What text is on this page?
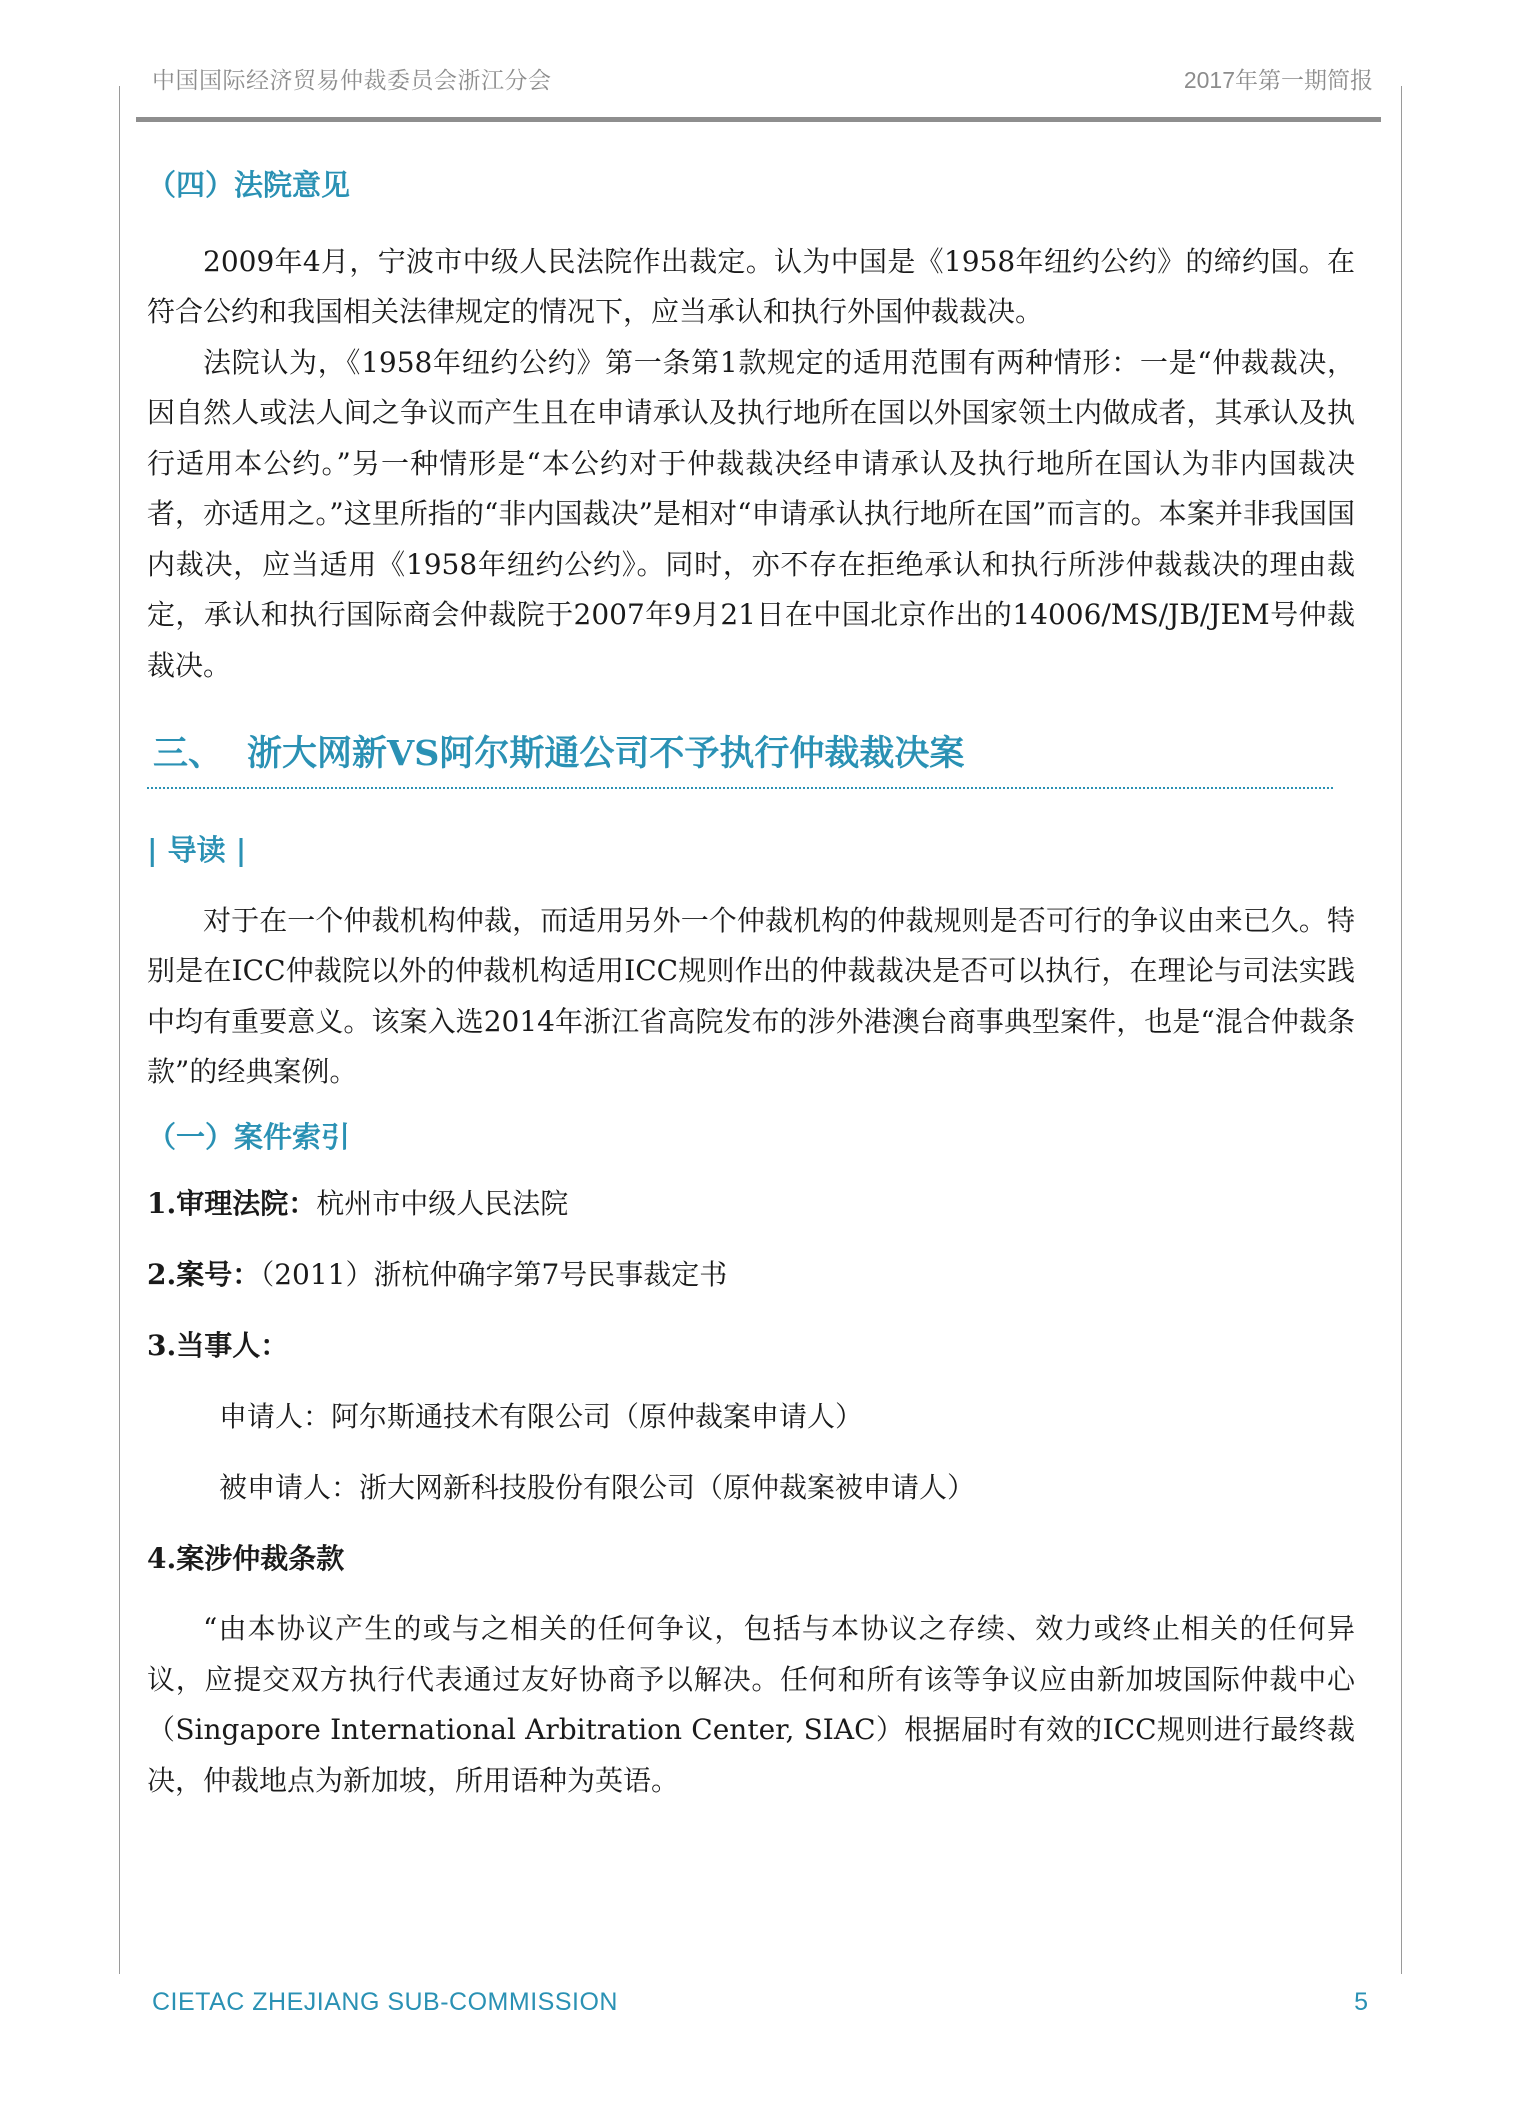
中国国际经济贸易仲裁委员会浙江分会	2017年第一期简报

（四）法院意见

2009年4月，宁波市中级人民法院作出裁定。认为中国是《1958年纽约公约》的缔约国。在符合公约和我国相关法律规定的情况下，应当承认和执行外国仲裁裁决。

法院认为，《1958年纽约公约》第一条第1款规定的适用范围有两种情形：一是“仲裁裁决，因自然人或法人间之争议而产生且在申请承认及执行地所在国以外国家领土内做成者，其承认及执行适用本公约。”另一种情形是“本公约对于仲裁裁决经申请承认及执行地所在国认为非内国裁决者，亦适用之。”这里所指的“非内国裁决”是相对“申请承认执行地所在国”而言的。本案并非我国国内裁决，应当适用《1958年纽约公约》。同时，亦不存在拒绝承认和执行所涉仲裁裁决的理由裁定，承认和执行国际商会仲裁院于2007年9月21日在中国北京作出的14006/MS/JB/JEM号仲裁裁决。

三、 浙大网新VS阿尔斯通公司不予执行仲裁裁决案

| 导读 |

对于在一个仲裁机构仲裁，而适用另外一个仲裁机构的仲裁规则是否可行的争议由来已久。特别是在ICC仲裁院以外的仲裁机构适用ICC规则作出的仲裁裁决是否可以执行，在理论与司法实践中均有重要意义。该案入选2014年浙江省高院发布的涉外港澳台商事典型案件，也是“混合仲裁条款”的经典案例。

（一）案件索引

1.审理法院：杭州市中级人民法院

2.案号：（2011）浙杭仲确字第7号民事裁定书

3.当事人：

申请人：阿尔斯通技术有限公司（原仲裁案申请人）

被申请人：浙大网新科技股份有限公司（原仲裁案被申请人）

4.案涉仲裁条款

“由本协议产生的或与之相关的任何争议，包括与本协议之存续、效力或终止相关的任何异议，应提交双方执行代表通过友好协商予以解决。任何和所有该等争议应由新加坡国际仲裁中心（Singapore International Arbitration Center, SIAC）根据届时有效的ICC规则进行最终裁决，仲裁地点为新加坡，所用语种为英语。

CIETAC ZHEJIANG SUB-COMMISSION	5
